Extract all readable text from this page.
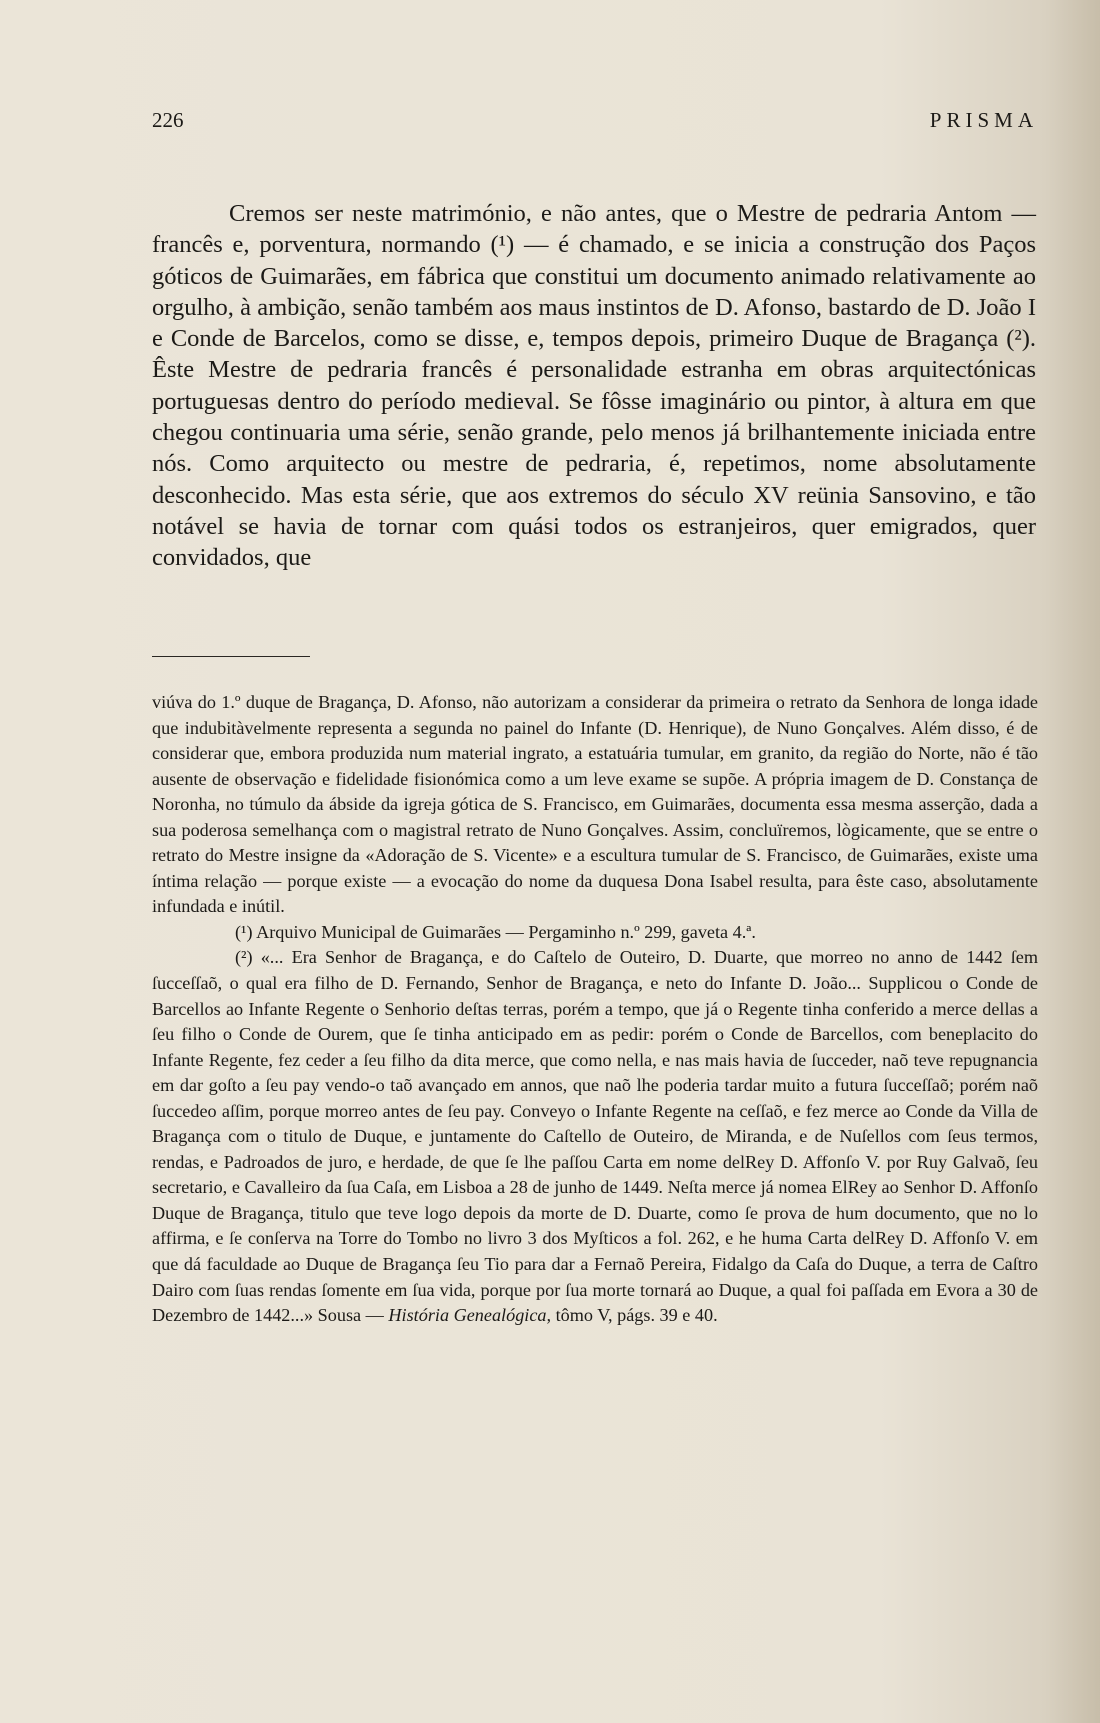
226	PRISMA

Cremos ser neste matrimónio, e não antes, que o Mestre de pedraria Antom — francês e, porventura, normando (¹) — é chamado, e se inicia a construção dos Paços góticos de Guimarães, em fábrica que constitui um documento animado relativamente ao orgulho, à ambição, senão também aos maus instintos de D. Afonso, bastardo de D. João I e Conde de Barcelos, como se disse, e, tempos depois, primeiro Duque de Bragança (²). Êste Mestre de pedraria francês é personalidade estranha em obras arquitectónicas portuguesas dentro do período medieval. Se fôsse imaginário ou pintor, à altura em que chegou continuaria uma série, senão grande, pelo menos já brilhantemente iniciada entre nós. Como arquitecto ou mestre de pedraria, é, repetimos, nome absolutamente desconhecido. Mas esta série, que aos extremos do século XV reünia Sansovino, e tão notável se havia de tornar com quási todos os estranjeiros, quer emigrados, quer convidados, que

viúva do 1.º duque de Bragança, D. Afonso, não autorizam a considerar da primeira o retrato da Senhora de longa idade que indubitàvelmente representa a segunda no painel do Infante (D. Henrique), de Nuno Gonçalves. Além disso, é de considerar que, embora produzida num material ingrato, a estatuária tumular, em granito, da região do Norte, não é tão ausente de observação e fidelidade fisionómica como a um leve exame se supõe. A própria imagem de D. Constança de Noronha, no túmulo da ábside da igreja gótica de S. Francisco, em Guimarães, documenta essa mesma asserção, dada a sua poderosa semelhança com o magistral retrato de Nuno Gonçalves. Assim, concluïremos, lògicamente, que se entre o retrato do Mestre insigne da «Adoração de S. Vicente» e a escultura tumular de S. Francisco, de Guimarães, existe uma íntima relação — porque existe — a evocação do nome da duquesa Dona Isabel resulta, para êste caso, absolutamente infundada e inútil.

(¹) Arquivo Municipal de Guimarães — Pergaminho n.º 299, gaveta 4.ª.

(²) «... Era Senhor de Bragança, e do Caſtelo de Outeiro, D. Duarte, que morreo no anno de 1442 ſem ſucceſſaõ, o qual era filho de D. Fernando, Senhor de Bragança, e neto do Infante D. João... Supplicou o Conde de Barcellos ao Infante Regente o Senhorio deſtas terras, porém a tempo, que já o Regente tinha conferido a merce dellas a ſeu filho o Conde de Ourem, que ſe tinha anticipado em as pedir: porém o Conde de Barcellos, com beneplacito do Infante Regente, fez ceder a ſeu filho da dita merce, que como nella, e nas mais havia de ſucceder, naõ teve repugnancia em dar goſto a ſeu pay vendo-o taõ avançado em annos, que naõ lhe poderia tardar muito a futura ſucceſſaõ; porém naõ ſuccedeo aſſim, porque morreo antes de ſeu pay. Conveyo o Infante Regente na ceſſaõ, e fez merce ao Conde da Villa de Bragança com o titulo de Duque, e juntamente do Caſtello de Outeiro, de Miranda, e de Nuſellos com ſeus termos, rendas, e Padroados de juro, e herdade, de que ſe lhe paſſou Carta em nome delRey D. Affonſo V. por Ruy Galvaõ, ſeu secretario, e Cavalleiro da ſua Caſa, em Lisboa a 28 de junho de 1449. Neſta merce já nomea ElRey ao Senhor D. Affonſo Duque de Bragança, titulo que teve logo depois da morte de D. Duarte, como ſe prova de hum documento, que no lo affirma, e ſe conſerva na Torre do Tombo no livro 3 dos Myſticos a fol. 262, e he huma Carta delRey D. Affonſo V. em que dá faculdade ao Duque de Bragança ſeu Tio para dar a Fernaõ Pereira, Fidalgo da Caſa do Duque, a terra de Caſtro Dairo com ſuas rendas ſomente em ſua vida, porque por ſua morte tornará ao Duque, a qual foi paſſada em Evora a 30 de Dezembro de 1442...» Sousa — História Genealógica, tômo V, págs. 39 e 40.
